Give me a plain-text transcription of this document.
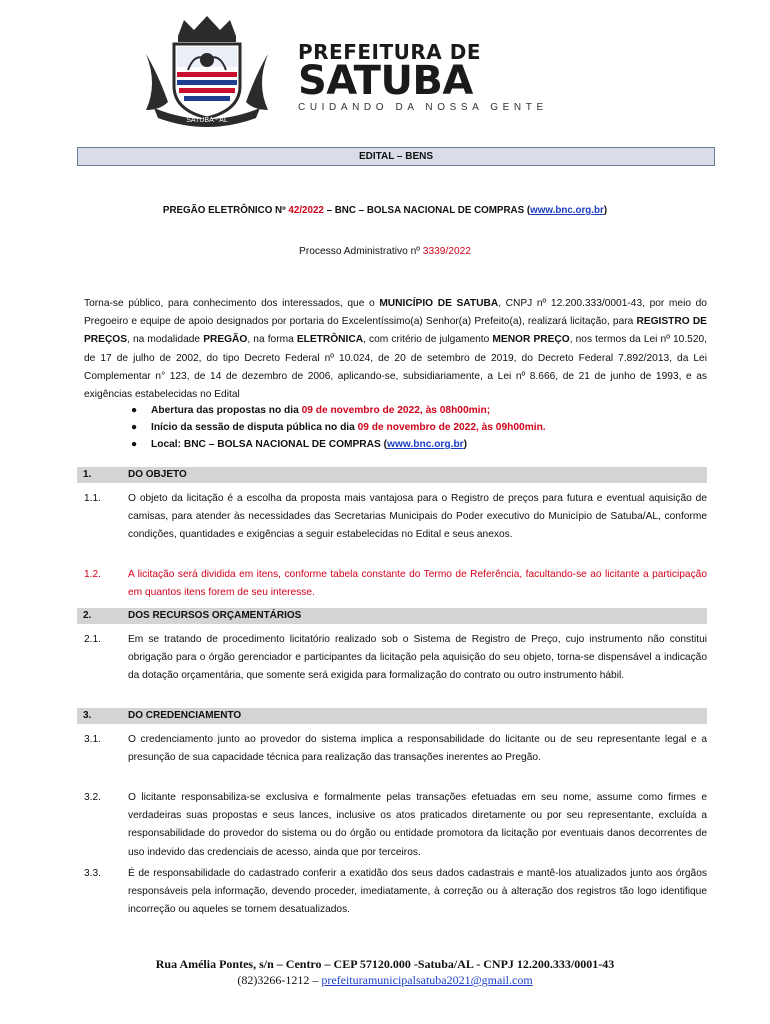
SATUBA - AL
PREFEITURA DE
SATUBA
CUIDANDO DA NOSSA GENTE
EDITAL – BENS
PREGÃO ELETRÔNICO Nº 42/2022 – BNC – BOLSA NACIONAL DE COMPRAS (www.bnc.org.br)
Processo Administrativo nº 3339/2022
Torna-se público, para conhecimento dos interessados, que o MUNICÍPIO DE SATUBA, CNPJ nº 12.200.333/0001-43, por meio do Pregoeiro e equipe de apoio designados por portaria do Excelentíssimo(a) Senhor(a) Prefeito(a), realizará licitação, para REGISTRO DE PREÇOS, na modalidade PREGÃO, na forma ELETRÔNICA, com critério de julgamento MENOR PREÇO, nos termos da Lei nº 10.520, de 17 de julho de 2002, do tipo Decreto Federal nº 10.024, de 20 de setembro de 2019, do Decreto Federal 7.892/2013, da Lei Complementar n° 123, de 14 de dezembro de 2006, aplicando-se, subsidiariamente, a Lei nº 8.666, de 21 de junho de 1993, e as exigências estabelecidas no Edital
● Abertura das propostas no dia 09 de novembro de 2022, às 08h00min;
● Início da sessão de disputa pública no dia 09 de novembro de 2022, às 09h00min.
● Local: BNC – BOLSA NACIONAL DE COMPRAS (www.bnc.org.br)
1.	DO OBJETO
1.1.	O objeto da licitação é a escolha da proposta mais vantajosa para o Registro de preços para futura e eventual aquisição de camisas, para atender às necessidades das Secretarias Municipais do Poder executivo do Município de Satuba/AL, conforme condições, quantidades e exigências a seguir estabelecidas no Edital e seus anexos.
1.2.	A licitação será dividida em itens, conforme tabela constante do Termo de Referência, facultando-se ao licitante a participação em quantos itens forem de seu interesse.
2.	DOS RECURSOS ORÇAMENTÁRIOS
2.1.	Em se tratando de procedimento licitatório realizado sob o Sistema de Registro de Preço, cujo instrumento não constitui obrigação para o órgão gerenciador e participantes da licitação pela aquisição do seu objeto, torna-se dispensável a indicação da dotação orçamentária, que somente será exigida para formalização do contrato ou outro instrumento hábil.
3.	DO CREDENCIAMENTO
3.1.	O credenciamento junto ao provedor do sistema implica a responsabilidade do licitante ou de seu representante legal e a presunção de sua capacidade técnica para realização das transações inerentes ao Pregão.
3.2.	O licitante responsabiliza-se exclusiva e formalmente pelas transações efetuadas em seu nome, assume como firmes e verdadeiras suas propostas e seus lances, inclusive os atos praticados diretamente ou por seu representante, excluída a responsabilidade do provedor do sistema ou do órgão ou entidade promotora da licitação por eventuais danos decorrentes de uso indevido das credenciais de acesso, ainda que por terceiros.
3.3.	É de responsabilidade do cadastrado conferir a exatidão dos seus dados cadastrais e mantê-los atualizados junto aos órgãos responsáveis pela informação, devendo proceder, imediatamente, à correção ou à alteração dos registros tão logo identifique incorreção ou aqueles se tornem desatualizados.
Rua Amélia Pontes, s/n – Centro – CEP 57120.000 -Satuba/AL - CNPJ 12.200.333/0001-43
(82)3266-1212 – prefeituramunicipalsatuba2021@gmail.com
